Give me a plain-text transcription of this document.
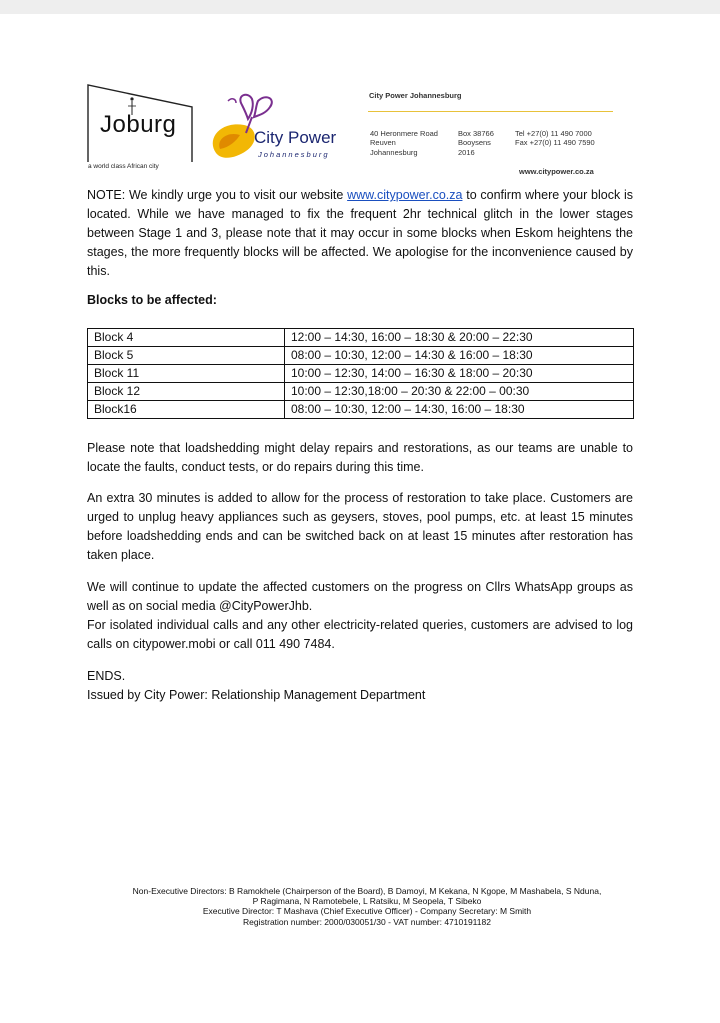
Joburg
a world class African city
City Power
Johannesburg
City Power Johannesburg
40 Heronmere Road
Reuven
Johannesburg
Box 38766
Booysens
2016
Tel +27(0) 11 490 7000
Fax +27(0) 11 490 7590
www.citypower.co.za

NOTE: We kindly urge you to visit our website www.citypower.co.za to confirm where your block is located. While we have managed to fix the frequent 2hr technical glitch in the lower stages between Stage 1 and 3, please note that it may occur in some blocks when Eskom heightens the stages, the more frequently blocks will be affected. We apologise for the inconvenience caused by this.

Blocks to be affected:
Block 4	12:00 – 14:30, 16:00 – 18:30 & 20:00 – 22:30
Block 5	08:00 – 10:30, 12:00 – 14:30 & 16:00 – 18:30
Block 11	10:00 – 12:30, 14:00 – 16:30 & 18:00 – 20:30
Block 12	10:00 – 12:30,18:00 – 20:30 & 22:00 – 00:30
Block16	08:00 – 10:30, 12:00 – 14:30, 16:00 – 18:30

Please note that loadshedding might delay repairs and restorations, as our teams are unable to locate the faults, conduct tests, or do repairs during this time.

An extra 30 minutes is added to allow for the process of restoration to take place. Customers are urged to unplug heavy appliances such as geysers, stoves, pool pumps, etc. at least 15 minutes before loadshedding ends and can be switched back on at least 15 minutes after restoration has taken place.

We will continue to update the affected customers on the progress on Cllrs WhatsApp groups as well as on social media @CityPowerJhb.

For isolated individual calls and any other electricity-related queries, customers are advised to log calls on citypower.mobi or call 011 490 7484.

ENDS.

Issued by City Power: Relationship Management Department

Non-Executive Directors: B Ramokhele (Chairperson of the Board), B Damoyi, M Kekana, N Kgope, M Mashabela, S Nduna,
P Ragimana, N Ramotebele, L Ratsiku, M Seopela, T Sibeko
Executive Director: T Mashava (Chief Executive Officer) - Company Secretary: M Smith
Registration number: 2000/030051/30 - VAT number: 4710191182
